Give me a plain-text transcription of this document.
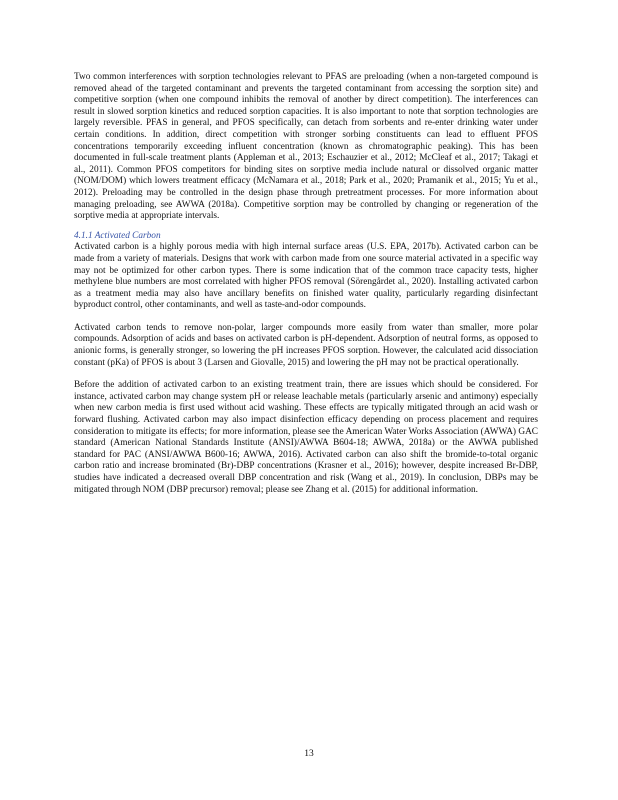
Two common interferences with sorption technologies relevant to PFAS are preloading (when a non-targeted compound is removed ahead of the targeted contaminant and prevents the targeted contaminant from accessing the sorption site) and competitive sorption (when one compound inhibits the removal of another by direct competition). The interferences can result in slowed sorption kinetics and reduced sorption capacities. It is also important to note that sorption technologies are largely reversible. PFAS in general, and PFOS specifically, can detach from sorbents and re-enter drinking water under certain conditions. In addition, direct competition with stronger sorbing constituents can lead to effluent PFOS concentrations temporarily exceeding influent concentration (known as chromatographic peaking). This has been documented in full-scale treatment plants (Appleman et al., 2013; Eschauzier et al., 2012; McCleaf et al., 2017; Takagi et al., 2011). Common PFOS competitors for binding sites on sorptive media include natural or dissolved organic matter (NOM/DOM) which lowers treatment efficacy (McNamara et al., 2018; Park et al., 2020; Pramanik et al., 2015; Yu et al., 2012). Preloading may be controlled in the design phase through pretreatment processes. For more information about managing preloading, see AWWA (2018a). Competitive sorption may be controlled by changing or regeneration of the sorptive media at appropriate intervals.

4.1.1 Activated Carbon

Activated carbon is a highly porous media with high internal surface areas (U.S. EPA, 2017b). Activated carbon can be made from a variety of materials. Designs that work with carbon made from one source material activated in a specific way may not be optimized for other carbon types. There is some indication that of the common trace capacity tests, higher methylene blue numbers are most correlated with higher PFOS removal (Sörengårdet al., 2020). Installing activated carbon as a treatment media may also have ancillary benefits on finished water quality, particularly regarding disinfectant byproduct control, other contaminants, and well as taste-and-odor compounds.

Activated carbon tends to remove non-polar, larger compounds more easily from water than smaller, more polar compounds. Adsorption of acids and bases on activated carbon is pH-dependent. Adsorption of neutral forms, as opposed to anionic forms, is generally stronger, so lowering the pH increases PFOS sorption. However, the calculated acid dissociation constant (pKa) of PFOS is about 3 (Larsen and Giovalle, 2015) and lowering the pH may not be practical operationally.

Before the addition of activated carbon to an existing treatment train, there are issues which should be considered. For instance, activated carbon may change system pH or release leachable metals (particularly arsenic and antimony) especially when new carbon media is first used without acid washing. These effects are typically mitigated through an acid wash or forward flushing. Activated carbon may also impact disinfection efficacy depending on process placement and requires consideration to mitigate its effects; for more information, please see the American Water Works Association (AWWA) GAC standard (American National Standards Institute (ANSI)/AWWA B604-18; AWWA, 2018a) or the AWWA published standard for PAC (ANSI/AWWA B600-16; AWWA, 2016). Activated carbon can also shift the bromide-to-total organic carbon ratio and increase brominated (Br)-DBP concentrations (Krasner et al., 2016); however, despite increased Br-DBP, studies have indicated a decreased overall DBP concentration and risk (Wang et al., 2019). In conclusion, DBPs may be mitigated through NOM (DBP precursor) removal; please see Zhang et al. (2015) for additional information.

13
